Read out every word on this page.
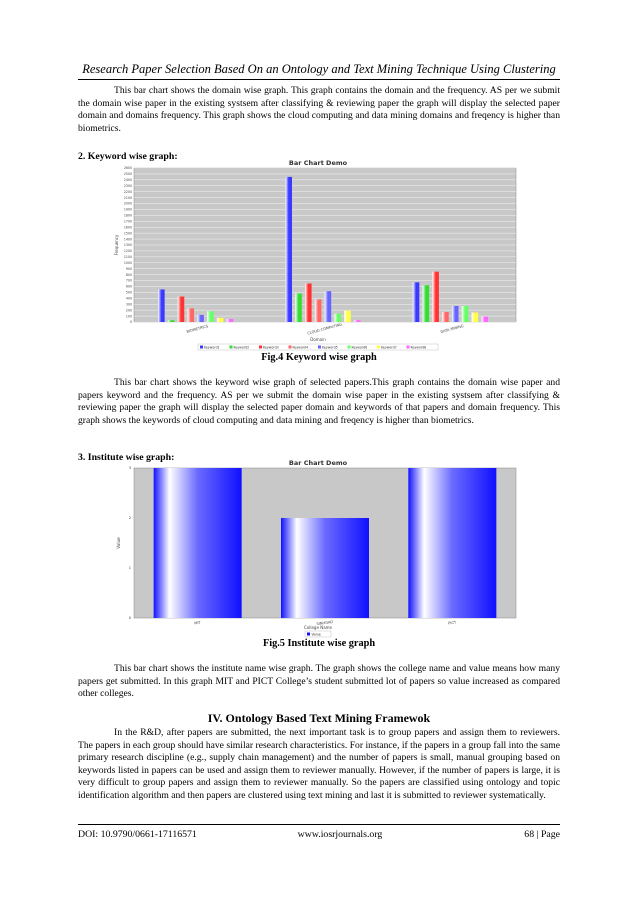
Research Paper Selection Based On an Ontology and Text Mining Technique Using Clustering
This bar chart shows the domain wise graph. This graph contains the domain and the frequency. AS per we submit the domain wise paper in the existing systsem after classifying & reviewing paper the graph will display the selected paper domain and domains frequency. This graph shows the cloud computing and data mining domains and freqency is higher than biometrics.
2. Keyword wise graph:
Bar Chart Demo
0
100
200
300
400
500
600
700
800
900
1000
1100
1200
1300
1400
1500
1600
1700
1800
1900
2000
2100
2200
2300
2400
2500
2600
Frequency
BIOMETRICS	CLOUD COMPUTING	DATA MINING
Domain
Keyword1	Keyword2	Keyword3	Keyword4	Keyword5	Keyword6	Keyword7	Keyword8
Fig.4 Keyword wise graph
This bar chart shows the keyword wise graph of selected papers.This graph contains the domain wise paper and papers keyword and the frequency. AS per we submit the domain wise paper in the existing systsem after classifying & reviewing paper the graph will display the selected paper domain and keywords of that papers and domain frequency. This graph shows the keywords of cloud computing and data mining and freqency is higher than biometrics.
3. Institute wise graph:	Bar Chart Demo
0
1
2
3
Value
MIT	SINHGAD	PICT
College Name
Value
Fig.5 Institute wise graph
This bar chart shows the institute name wise graph. The graph shows the college name and value means how many papers get submitted. In this graph MIT and PICT College’s student submitted lot of papers so value increased as compared other colleges.
IV. Ontology Based Text Mining Framewok
In the R&D, after papers are submitted, the next important task is to group papers and assign them to reviewers. The papers in each group should have similar research characteristics. For instance, if the papers in a group fall into the same primary research discipline (e.g., supply chain management) and the number of papers is small, manual grouping based on keywords listed in papers can be used and assign them to reviewer manually. However, if the number of papers is large, it is very difficult to group papers and assign them to reviewer manually. So the papers are classified using ontology and topic identification algorithm and then papers are clustered using text mining and last it is submitted to reviewer systematically.
DOI: 10.9790/0661-17116571	www.iosrjournals.org	68 | Page
